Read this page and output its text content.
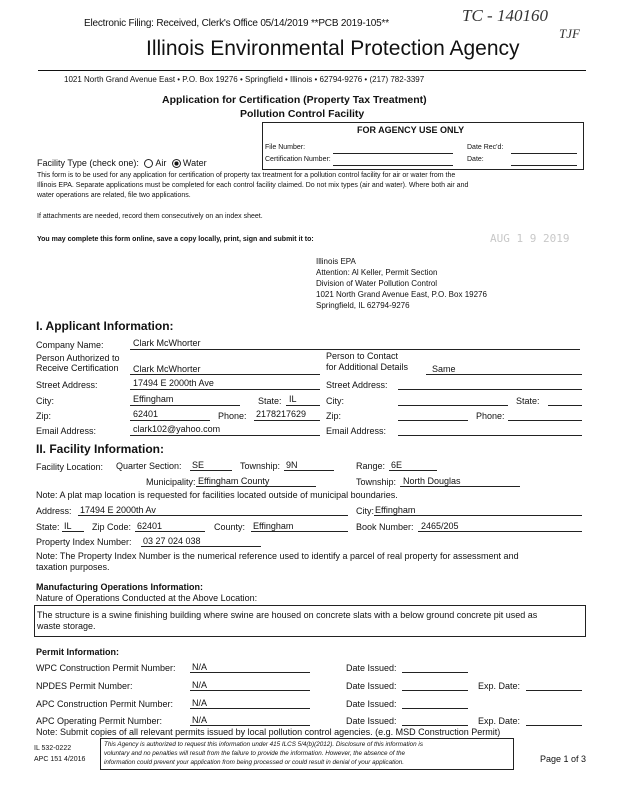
Electronic Filing: Received, Clerk's Office 05/14/2019 **PCB 2019-105**	TC - 140160
TJF
Illinois Environmental Protection Agency
1021 North Grand Avenue East • P.O. Box 19276 • Springfield • Illinois • 62794-9276 • (217) 782-3397
Application for Certification (Property Tax Treatment)
Pollution Control Facility
FOR AGENCY USE ONLY
File Number:	Date Rec'd:
Certification Number:	Date:
Facility Type (check one): Air Water
This form is to be used for any application for certification of property tax treatment for a pollution control facility for air or water from the
Illinois EPA. Separate applications must be completed for each control facility claimed. Do not mix types (air and water). Where both air and
water operations are related, file two applications.
If attachments are needed, record them consecutively on an index sheet.
You may complete this form online, save a copy locally, print, sign and submit it to:	AUG 1 9 2019
Illinois EPA
Attention: Al Keller, Permit Section
Division of Water Pollution Control
1021 North Grand Avenue East, P.O. Box 19276
Springfield, IL 62794-9276
I. Applicant Information:
Company Name:	Clark McWhorter
Person Authorized to
Receive Certification Clark McWhorter
Person to Contact
for Additional Details	Same
Street Address:	17494 E 2000th Ave	Street Address:
City:	Effingham	State: IL	City:	State:
Zip:	62401	Phone: 2178217629 Zip:	Phone:
Email Address:	clark102@yahoo.com	Email Address:
II. Facility Information:
Facility Location: Quarter Section: SE	Township: 9N	Range: 6E
Municipality: Effingham County	Township: North Douglas
Note: A plat map location is requested for facilities located outside of municipal boundaries.
Address: 17494 E 2000th Av	City: Effingham
State: IL Zip Code: 62401	County: Effingham	Book Number: 2465/205
Property Index Number: 03 27 024 038
Note: The Property Index Number is the numerical reference used to identify a parcel of real property for assessment and
taxation purposes.
Manufacturing Operations Information:
Nature of Operations Conducted at the Above Location:
The structure is a swine finishing building where swine are housed on concrete slats with a below ground concrete pit used as
waste storage.
Permit Information:
WPC Construction Permit Number: N/A	Date Issued:
NPDES Permit Number:	N/A	Date Issued:	Exp. Date:
APC Construction Permit Number: N/A	Date Issued:
APC Operating Permit Number:	N/A	Date Issued:	Exp. Date:
Note: Submit copies of all relevant permits issued by local pollution control agencies. (e.g. MSD Construction Permit)
IL 532-0222
APC 151 4/2016
This Agency is authorized to request this information under 415 ILCS 5/4(b)(2012). Disclosure of this information is
voluntary and no penalties will result from the failure to provide the information. However, the absence of the
information could prevent your application from being processed or could result in denial of your application.	Page 1 of 3
